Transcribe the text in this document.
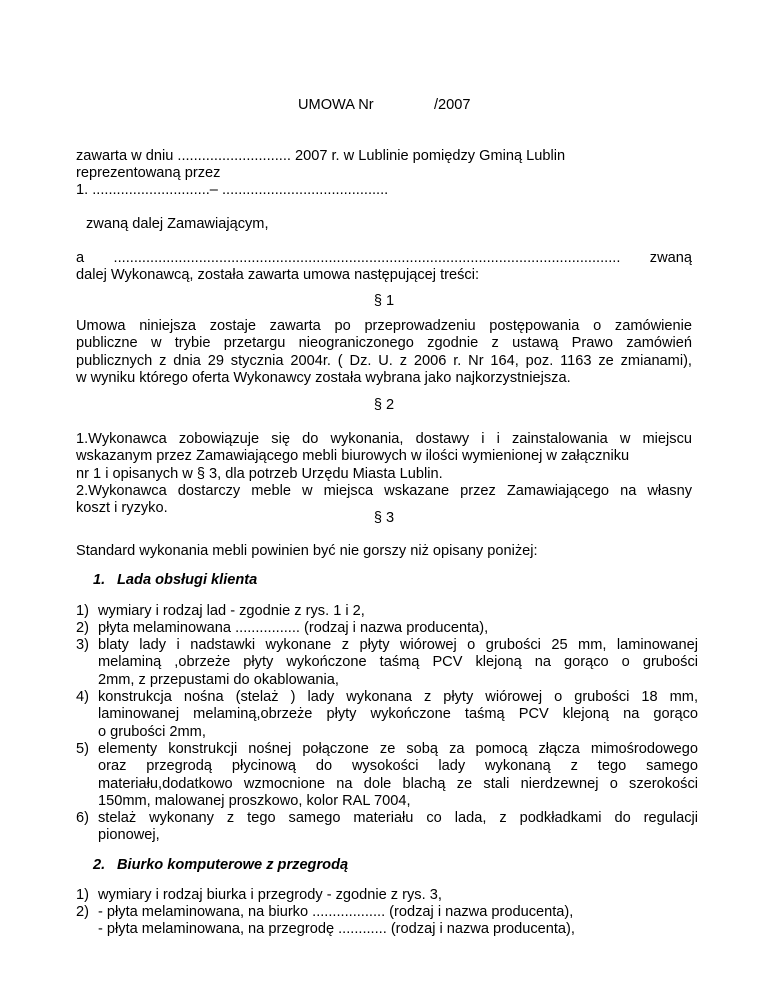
UMOWA Nr	/2007
zawarta w dniu ............................ 2007 r. w Lublinie pomiędzy Gminą Lublin
reprezentowaną przez
1. .............................– .........................................
zwaną dalej Zamawiającym,
a ............................................................................................................................. zwaną
dalej Wykonawcą, została zawarta umowa następującej treści:
§ 1
Umowa niniejsza zostaje zawarta po przeprowadzeniu postępowania o zamówienie
publiczne w trybie przetargu nieograniczonego zgodnie z ustawą Prawo zamówień
publicznych z dnia 29 stycznia 2004r. ( Dz. U. z 2006 r. Nr 164, poz. 1163 ze zmianami),
w wyniku którego oferta Wykonawcy została wybrana jako najkorzystniejsza.
§ 2
1.Wykonawca zobowiązuje się do wykonania, dostawy i i zainstalowania w miejscu
wskazanym przez Zamawiającego mebli biurowych w ilości wymienionej w załączniku
nr 1 i opisanych w § 3, dla potrzeb Urzędu Miasta Lublin.
2.Wykonawca dostarczy meble w miejsca wskazane przez Zamawiającego na własny
koszt i ryzyko.
§ 3
Standard wykonania mebli powinien być nie gorszy niż opisany poniżej:
1. Lada obsługi klienta
1) wymiary i rodzaj lad - zgodnie z rys. 1 i 2,
2) płyta melaminowana ................ (rodzaj i nazwa producenta),
3) blaty lady i nadstawki wykonane z płyty wiórowej o grubości 25 mm, laminowanej
melaminą ,obrzeże płyty wykończone taśmą PCV klejoną na gorąco o grubości
2mm, z przepustami do okablowania,
4) konstrukcja nośna (stelaż ) lady wykonana z płyty wiórowej o grubości 18 mm,
laminowanej melaminą,obrzeże płyty wykończone taśmą PCV klejoną na gorąco
o grubości 2mm,
5) elementy konstrukcji nośnej połączone ze sobą za pomocą złącza mimośrodowego
oraz przegrodą płycinową do wysokości lady wykonaną z tego samego
materiału,dodatkowo wzmocnione na dole blachą ze stali nierdzewnej o szerokości
150mm, malowanej proszkowo, kolor RAL 7004,
6) stelaż wykonany z tego samego materiału co lada, z podkładkami do regulacji
pionowej,
2. Biurko komputerowe z przegrodą
1) wymiary i rodzaj biurka i przegrody - zgodnie z rys. 3,
2) - płyta melaminowana, na biurko .................. (rodzaj i nazwa producenta),
- płyta melaminowana, na przegrodę ............ (rodzaj i nazwa producenta),
